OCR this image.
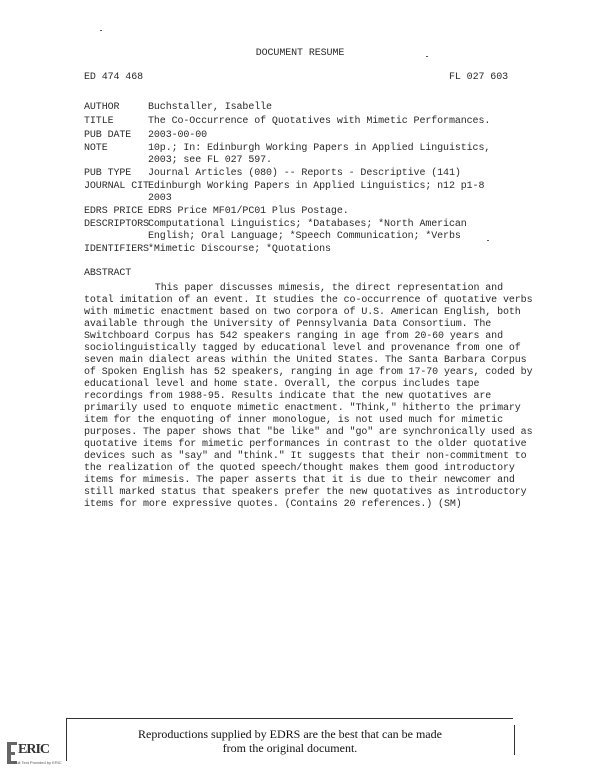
DOCUMENT RESUME
ED 474 468	FL 027 603
AUTHOR	Buchstaller, Isabelle
TITLE	The Co-Occurrence of Quotatives with Mimetic Performances.
PUB DATE 2003-00-00
NOTE	10p.; In: Edinburgh Working Papers in Applied Linguistics,
2003; see FL 027 597.
PUB TYPE Journal Articles (080) -- Reports - Descriptive (141)
JOURNAL CIT Edinburgh Working Papers in Applied Linguistics; n12 p1-8
2003
EDRS PRICE EDRS Price MF01/PC01 Plus Postage.
DESCRIPTORS Computational Linguistics; *Databases; *North American
English; Oral Language; *Speech Communication; *Verbs
IDENTIFIERS *Mimetic Discourse; *Quotations
ABSTRACT
This paper discusses mimesis, the direct representation and
total imitation of an event. It studies the co-occurrence of quotative verbs
with mimetic enactment based on two corpora of U.S. American English, both
available through the University of Pennsylvania Data Consortium. The
Switchboard Corpus has 542 speakers ranging in age from 20-60 years and
sociolinguistically tagged by educational level and provenance from one of
seven main dialect areas within the United States. The Santa Barbara Corpus
of Spoken English has 52 speakers, ranging in age from 17-70 years, coded by
educational level and home state. Overall, the corpus includes tape
recordings from 1988-95. Results indicate that the new quotatives are
primarily used to enquote mimetic enactment. "Think," hitherto the primary
item for the enquoting of inner monologue, is not used much for mimetic
purposes. The paper shows that "be like" and "go" are synchronically used as
quotative items for mimetic performances in contrast to the older quotative
devices such as "say" and "think." It suggests that their non-commitment to
the realization of the quoted speech/thought makes them good introductory
items for mimesis. The paper asserts that it is due to their newcomer and
still marked status that speakers prefer the new quotatives as introductory
items for more expressive quotes. (Contains 20 references.) (SM)
Reproductions supplied by EDRS are the best that can be made
from the original document.
ERIC
Full Text Provided by ERIC
